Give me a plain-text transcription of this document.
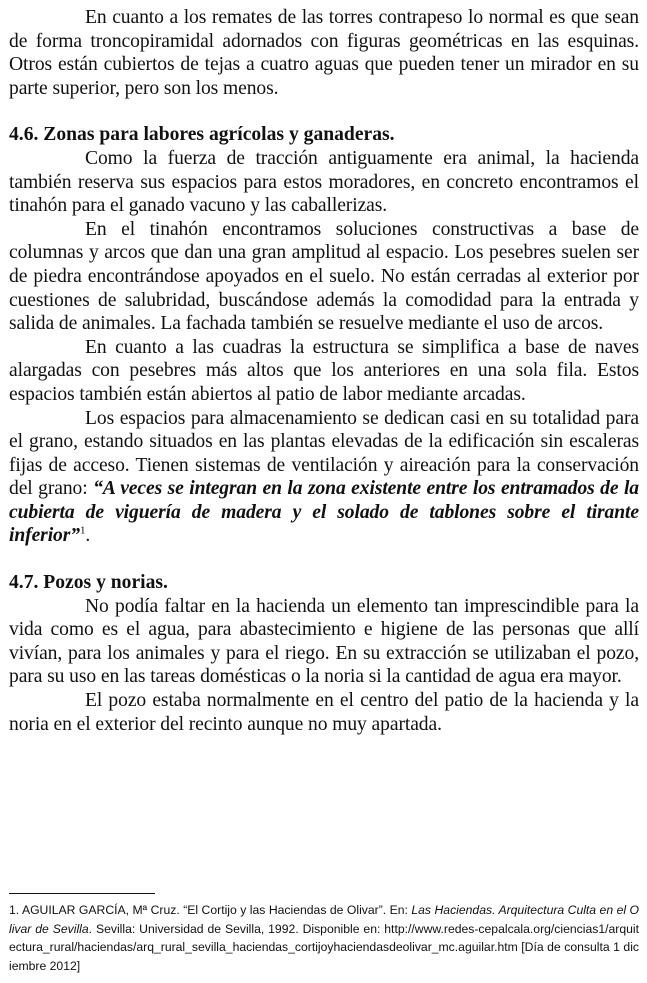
En cuanto a los remates de las torres contrapeso lo normal es que sean de forma troncopiramidal adornados con figuras geométricas en las esquinas. Otros están cubiertos de tejas a cuatro aguas que pueden tener un mirador en su parte superior, pero son los menos.

4.6. Zonas para labores agrícolas y ganaderas.

Como la fuerza de tracción antiguamente era animal, la hacienda también reserva sus espacios para estos moradores, en concreto encontramos el tinahón para el ganado vacuno y las caballerizas.

En el tinahón encontramos soluciones constructivas a base de columnas y arcos que dan una gran amplitud al espacio. Los pesebres suelen ser de piedra encontrándose apoyados en el suelo. No están cerradas al exterior por cuestiones de salubridad, buscándose además la comodidad para la entrada y salida de animales. La fachada también se resuelve mediante el uso de arcos.

En cuanto a las cuadras la estructura se simplifica a base de naves alargadas con pesebres más altos que los anteriores en una sola fila. Estos espacios también están abiertos al patio de labor mediante arcadas.

Los espacios para almacenamiento se dedican casi en su totalidad para el grano, estando situados en las plantas elevadas de la edificación sin escaleras fijas de acceso. Tienen sistemas de ventilación y aireación para la conservación del grano: “A veces se integran en la zona existente entre los entramados de la cubierta de viguería de madera y el solado de tablones sobre el tirante inferior”$^1$.

4.7. Pozos y norias.

No podía faltar en la hacienda un elemento tan imprescindible para la vida como es el agua, para abastecimiento e higiene de las personas que allí vivían, para los animales y para el riego. En su extracción se utilizaban el pozo, para su uso en las tareas domésticas o la noria si la cantidad de agua era mayor.

El pozo estaba normalmente en el centro del patio de la hacienda y la noria en el exterior del recinto aunque no muy apartada.

1. AGUILAR GARCÍA, Mª Cruz. “El Cortijo y las Haciendas de Olivar”. En: Las Haciendas. Arquitectura Culta en el Olivar de Sevilla. Sevilla: Universidad de Sevilla, 1992. Disponible en: http://www.redes-cepalcala.org/ciencias1/arquitectura_rural/haciendas/arq_rural_sevilla_haciendas_cortijoyhaciendasdeolivar_mc.aguilar.htm [Día de consulta 1 diciembre 2012]
